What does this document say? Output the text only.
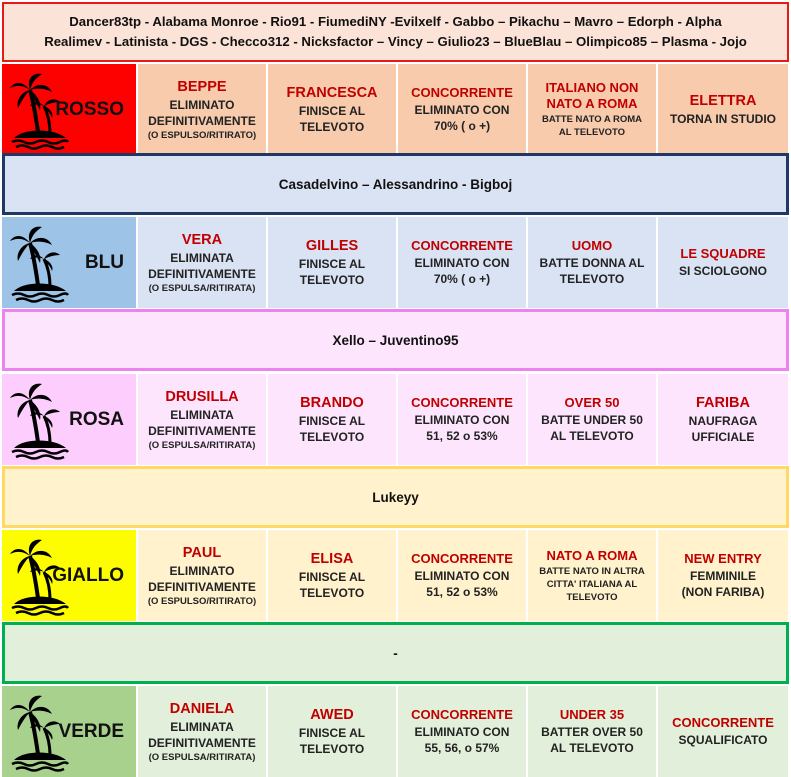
Dancer83tp - Alabama Monroe - Rio91 - FiumediNY -Evilxelf - Gabbo – Pikachu – Mavro – Edorph - Alpha
Realimev - Latinista - DGS - Checco312 - Nicksfactor – Vincy – Giulio23 – BlueBlau – Olimpico85 – Plasma - Jojo
ROSSO
BEPPE
ELIMINATO
DEFINITIVAMENTE
(O ESPULSO/RITIRATO)
FRANCESCA
FINISCE AL
TELEVOTO
CONCORRENTE
ELIMINATO CON
70% ( o +)
ITALIANO NON
NATO A ROMA
BATTE NATO A ROMA
AL TELEVOTO
ELETTRA
TORNA IN STUDIO
BLU
VERA
ELIMINATA
DEFINITIVAMENTE
(O ESPULSA/RITIRATA)
GILLES
FINISCE AL
TELEVOTO
CONCORRENTE
ELIMINATO CON
70% ( o +)
UOMO
BATTE DONNA AL
TELEVOTO
LE SQUADRE
SI SCIOLGONO
ROSA
DRUSILLA
ELIMINATA
DEFINITIVAMENTE
(O ESPULSA/RITIRATA)
BRANDO
FINISCE AL
TELEVOTO
CONCORRENTE
ELIMINATO CON
51, 52 o 53%
OVER 50
BATTE UNDER 50
AL TELEVOTO
FARIBA
NAUFRAGA
UFFICIALE
GIALLO
PAUL
ELIMINATO
DEFINITIVAMENTE
(O ESPULSO/RITIRATO)
ELISA
FINISCE AL
TELEVOTO
CONCORRENTE
ELIMINATO CON
51, 52 o 53%
NATO A ROMA
BATTE NATO IN ALTRA
CITTA' ITALIANA AL
TELEVOTO
NEW ENTRY
FEMMINILE
(NON FARIBA)
VERDE
DANIELA
ELIMINATA
DEFINITIVAMENTE
(O ESPULSA/RITIRATA)
AWED
FINISCE AL
TELEVOTO
CONCORRENTE
ELIMINATO CON
55, 56, o 57%
UNDER 35
BATTER OVER 50
AL TELEVOTO
CONCORRENTE
SQUALIFICATO
Casadelvino – Alessandrino - Bigboj
Xello – Juventino95
Lukeyy
-
